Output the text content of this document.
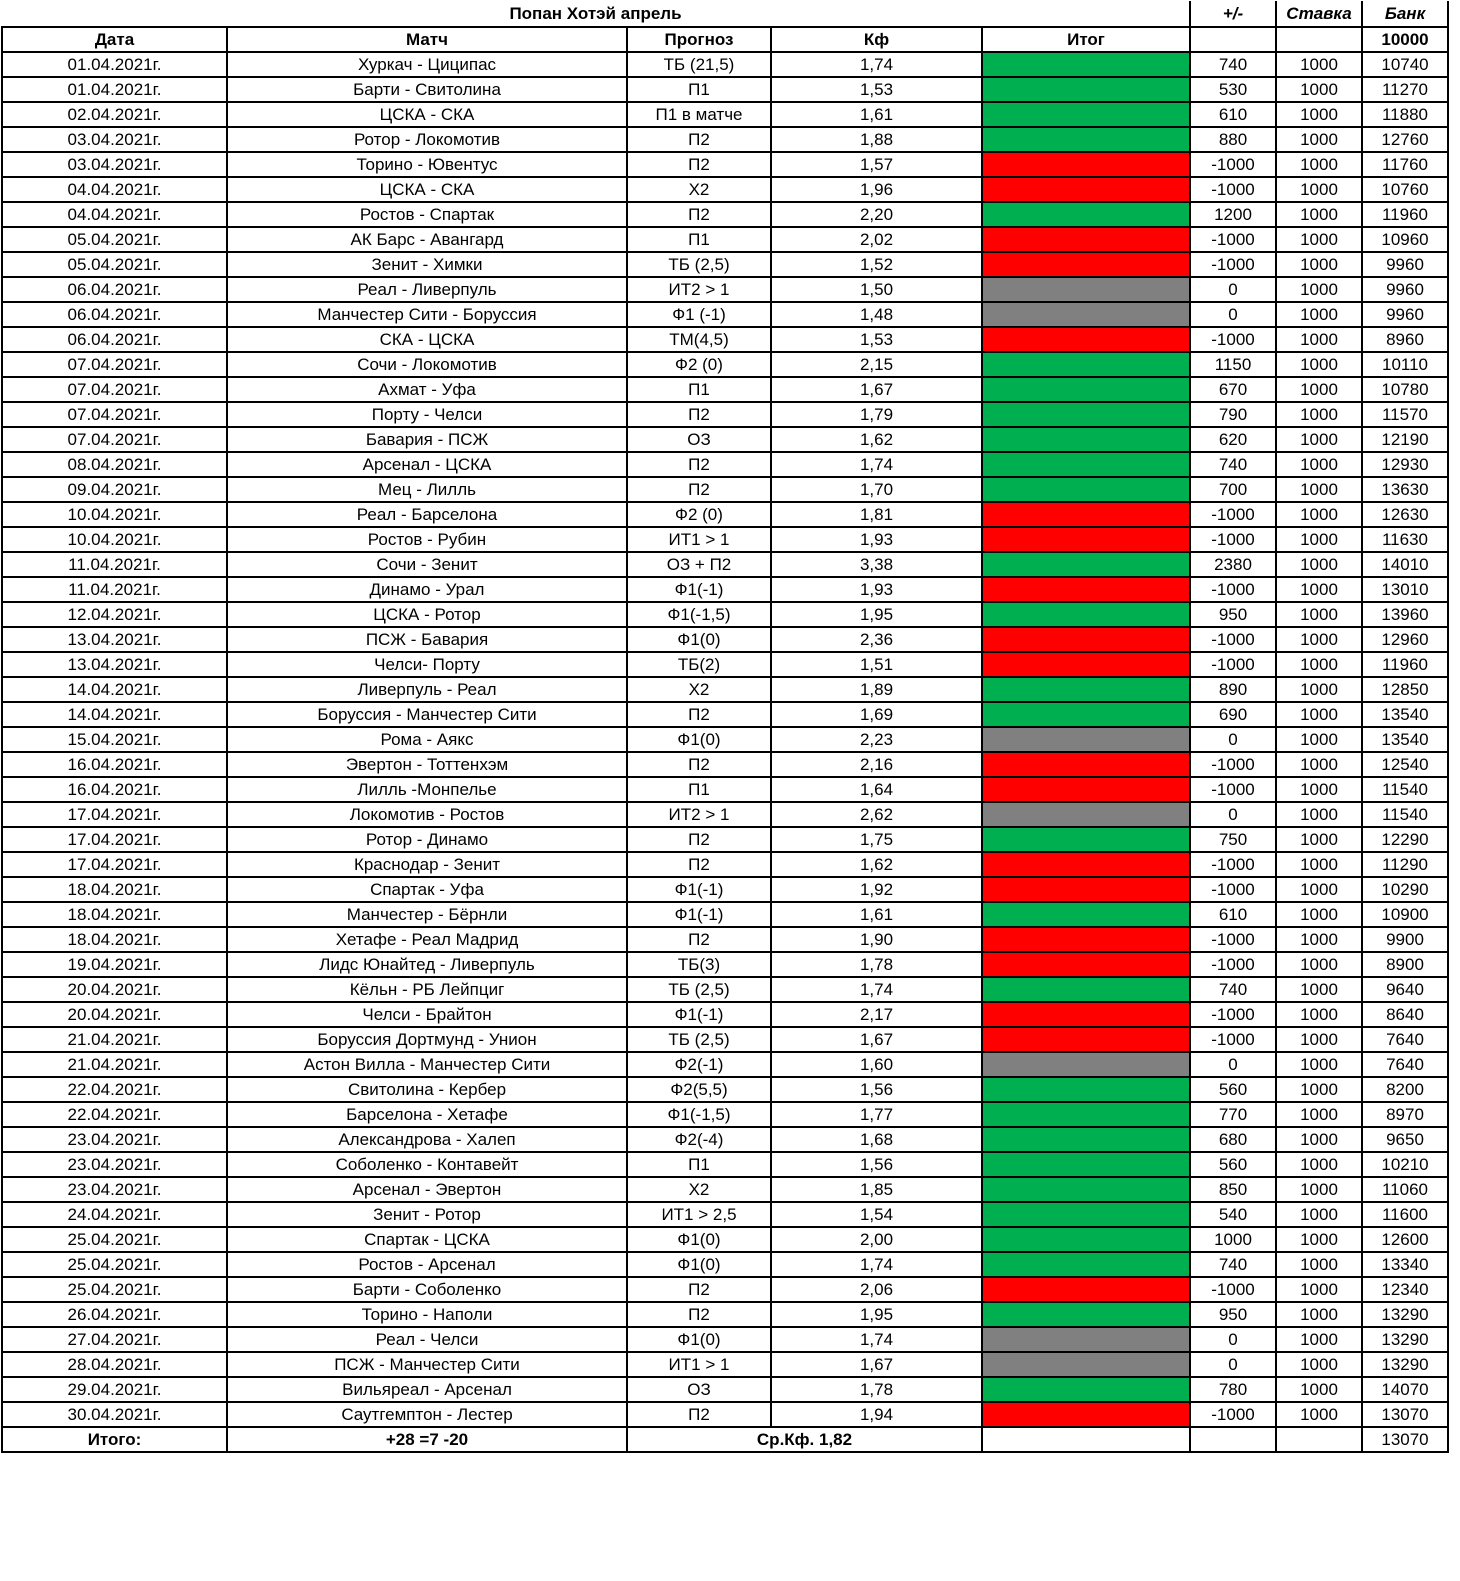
Попан Хотэй апрель					+/-	Ставка	Банк
Дата	Матч	Прогноз	Кф	Итог			10000
01.04.2021г.	Хуркач - Циципас	ТБ (21,5)	1,74		740	1000	10740
01.04.2021г.	Барти - Свитолина	П1	1,53		530	1000	11270
02.04.2021г.	ЦСКА - СКА	П1 в матче	1,61		610	1000	11880
03.04.2021г.	Ротор - Локомотив	П2	1,88		880	1000	12760
03.04.2021г.	Торино - Ювентус	П2	1,57		-1000	1000	11760
04.04.2021г.	ЦСКА - СКА	Х2	1,96		-1000	1000	10760
04.04.2021г.	Ростов - Спартак	П2	2,20		1200	1000	11960
05.04.2021г.	АК Барс - Авангард	П1	2,02		-1000	1000	10960
05.04.2021г.	Зенит - Химки	ТБ (2,5)	1,52		-1000	1000	9960
06.04.2021г.	Реал - Ливерпуль	ИТ2 > 1	1,50		0	1000	9960
06.04.2021г.	Манчестер Сити - Боруссия	Ф1 (-1)	1,48		0	1000	9960
06.04.2021г.	СКА - ЦСКА	ТМ(4,5)	1,53		-1000	1000	8960
07.04.2021г.	Сочи - Локомотив	Ф2 (0)	2,15		1150	1000	10110
07.04.2021г.	Ахмат - Уфа	П1	1,67		670	1000	10780
07.04.2021г.	Порту - Челси	П2	1,79		790	1000	11570
07.04.2021г.	Бавария - ПСЖ	ОЗ	1,62		620	1000	12190
08.04.2021г.	Арсенал - ЦСКА	П2	1,74		740	1000	12930
09.04.2021г.	Мец - Лилль	П2	1,70		700	1000	13630
10.04.2021г.	Реал - Барселона	Ф2 (0)	1,81		-1000	1000	12630
10.04.2021г.	Ростов - Рубин	ИТ1 > 1	1,93		-1000	1000	11630
11.04.2021г.	Сочи - Зенит	ОЗ + П2	3,38		2380	1000	14010
11.04.2021г.	Динамо - Урал	Ф1(-1)	1,93		-1000	1000	13010
12.04.2021г.	ЦСКА - Ротор	Ф1(-1,5)	1,95		950	1000	13960
13.04.2021г.	ПСЖ - Бавария	Ф1(0)	2,36		-1000	1000	12960
13.04.2021г.	Челси- Порту	ТБ(2)	1,51		-1000	1000	11960
14.04.2021г.	Ливерпуль - Реал	Х2	1,89		890	1000	12850
14.04.2021г.	Боруссия - Манчестер Сити	П2	1,69		690	1000	13540
15.04.2021г.	Рома - Аякс	Ф1(0)	2,23		0	1000	13540
16.04.2021г.	Эвертон - Тоттенхэм	П2	2,16		-1000	1000	12540
16.04.2021г.	Лилль -Монпелье	П1	1,64		-1000	1000	11540
17.04.2021г.	Локомотив - Ростов	ИТ2 > 1	2,62		0	1000	11540
17.04.2021г.	Ротор - Динамо	П2	1,75		750	1000	12290
17.04.2021г.	Краснодар - Зенит	П2	1,62		-1000	1000	11290
18.04.2021г.	Спартак - Уфа	Ф1(-1)	1,92		-1000	1000	10290
18.04.2021г.	Манчестер - Бёрнли	Ф1(-1)	1,61		610	1000	10900
18.04.2021г.	Хетафе - Реал Мадрид	П2	1,90		-1000	1000	9900
19.04.2021г.	Лидс Юнайтед - Ливерпуль	ТБ(3)	1,78		-1000	1000	8900
20.04.2021г.	Кёльн - РБ Лейпциг	ТБ (2,5)	1,74		740	1000	9640
20.04.2021г.	Челси - Брайтон	Ф1(-1)	2,17		-1000	1000	8640
21.04.2021г.	Боруссия Дортмунд - Унион	ТБ (2,5)	1,67		-1000	1000	7640
21.04.2021г.	Астон Вилла - Манчестер Сити	Ф2(-1)	1,60		0	1000	7640
22.04.2021г.	Свитолина - Кербер	Ф2(5,5)	1,56		560	1000	8200
22.04.2021г.	Барселона - Хетафе	Ф1(-1,5)	1,77		770	1000	8970
23.04.2021г.	Александрова - Халеп	Ф2(-4)	1,68		680	1000	9650
23.04.2021г.	Соболенко - Контавейт	П1	1,56		560	1000	10210
23.04.2021г.	Арсенал - Эвертон	Х2	1,85		850	1000	11060
24.04.2021г.	Зенит - Ротор	ИТ1 > 2,5	1,54		540	1000	11600
25.04.2021г.	Спартак - ЦСКА	Ф1(0)	2,00		1000	1000	12600
25.04.2021г.	Ростов - Арсенал	Ф1(0)	1,74		740	1000	13340
25.04.2021г.	Барти - Соболенко	П2	2,06		-1000	1000	12340
26.04.2021г.	Торино - Наполи	П2	1,95		950	1000	13290
27.04.2021г.	Реал - Челси	Ф1(0)	1,74		0	1000	13290
28.04.2021г.	ПСЖ - Манчестер Сити	ИТ1 > 1	1,67		0	1000	13290
29.04.2021г.	Вильяреал - Арсенал	ОЗ	1,78		780	1000	14070
30.04.2021г.	Саутгемптон - Лестер	П2	1,94		-1000	1000	13070
Итого:	+28 =7 -20	Ср.Кф. 1,82					13070
